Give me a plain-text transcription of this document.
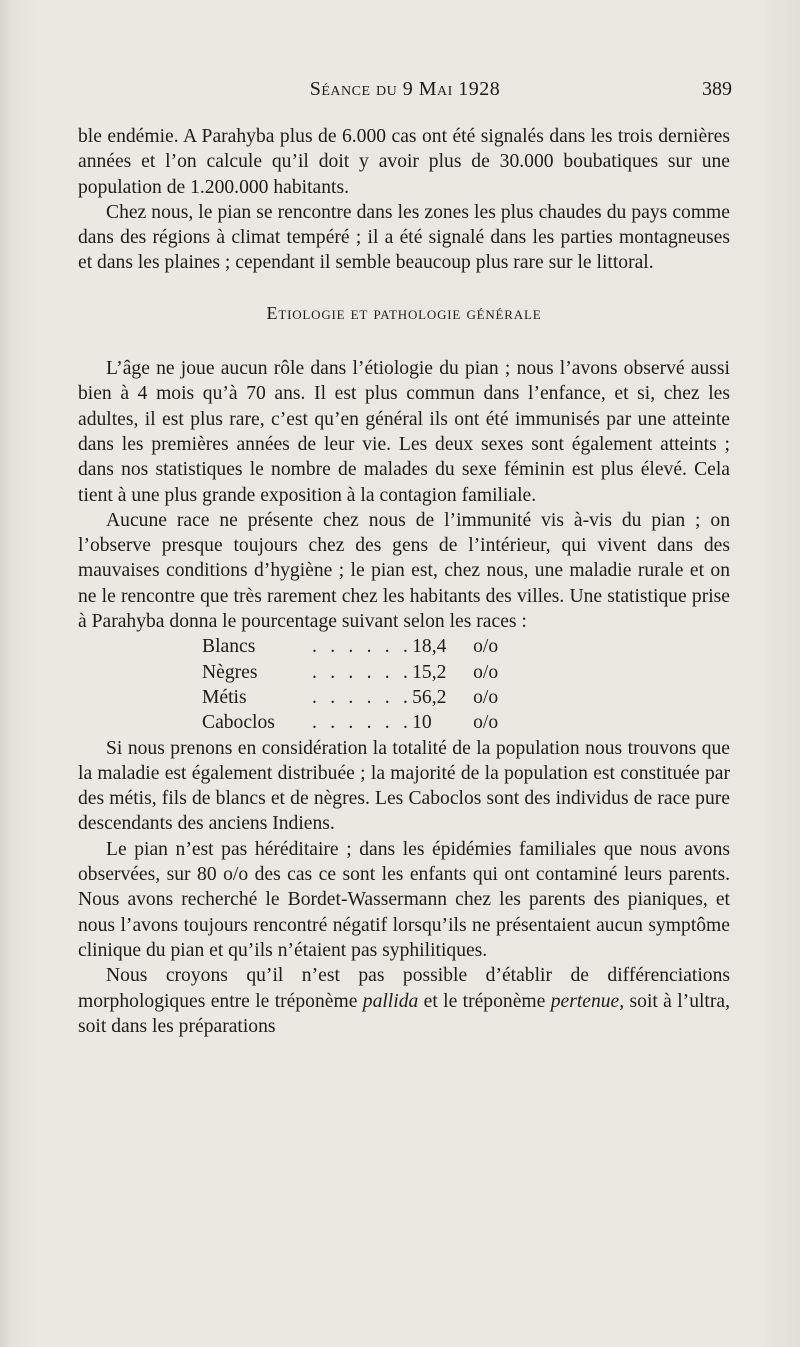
Séance du 9 Mai 1928	389

ble endémie. A Parahyba plus de 6.000 cas ont été signalés dans les trois dernières années et l’on calcule qu’il doit y avoir plus de 30.000 boubatiques sur une population de 1.200.000 habitants.

Chez nous, le pian se rencontre dans les zones les plus chaudes du pays comme dans des régions à climat tempéré ; il a été signalé dans les parties montagneuses et dans les plaines ; cependant il semble beaucoup plus rare sur le littoral.

Etiologie et pathologie générale

L’âge ne joue aucun rôle dans l’étiologie du pian ; nous l’avons observé aussi bien à 4 mois qu’à 70 ans. Il est plus commun dans l’enfance, et si, chez les adultes, il est plus rare, c’est qu’en général ils ont été immunisés par une atteinte dans les premières années de leur vie. Les deux sexes sont également atteints ; dans nos statistiques le nombre de malades du sexe féminin est plus élevé. Cela tient à une plus grande exposition à la contagion familiale.

Aucune race ne présente chez nous de l’immunité vis à-vis du pian ; on l’observe presque toujours chez des gens de l’intérieur, qui vivent dans des mauvaises conditions d’hygiène ; le pian est, chez nous, une maladie rurale et on ne le rencontre que très rarement chez les habitants des villes. Une statistique prise à Parahyba donna le pourcentage suivant selon les races :

Blancs	. . . . . .	18,4	o/o
Nègres	. . . . . .	15,2	o/o
Métis	. . . . . .	56,2	o/o
Caboclos	. . . . . .	10	o/o

Si nous prenons en considération la totalité de la population nous trouvons que la maladie est également distribuée ; la majorité de la population est constituée par des métis, fils de blancs et de nègres. Les Caboclos sont des individus de race pure descendants des anciens Indiens.

Le pian n’est pas héréditaire ; dans les épidémies familiales que nous avons observées, sur 80 o/o des cas ce sont les enfants qui ont contaminé leurs parents. Nous avons recherché le Bordet-Wassermann chez les parents des pianiques, et nous l’avons toujours rencontré négatif lorsqu’ils ne présentaient aucun symptôme clinique du pian et qu’ils n’étaient pas syphilitiques.

Nous croyons qu’il n’est pas possible d’établir de différenciations morphologiques entre le tréponème pallida et le tréponème pertenue, soit à l’ultra, soit dans les préparations
